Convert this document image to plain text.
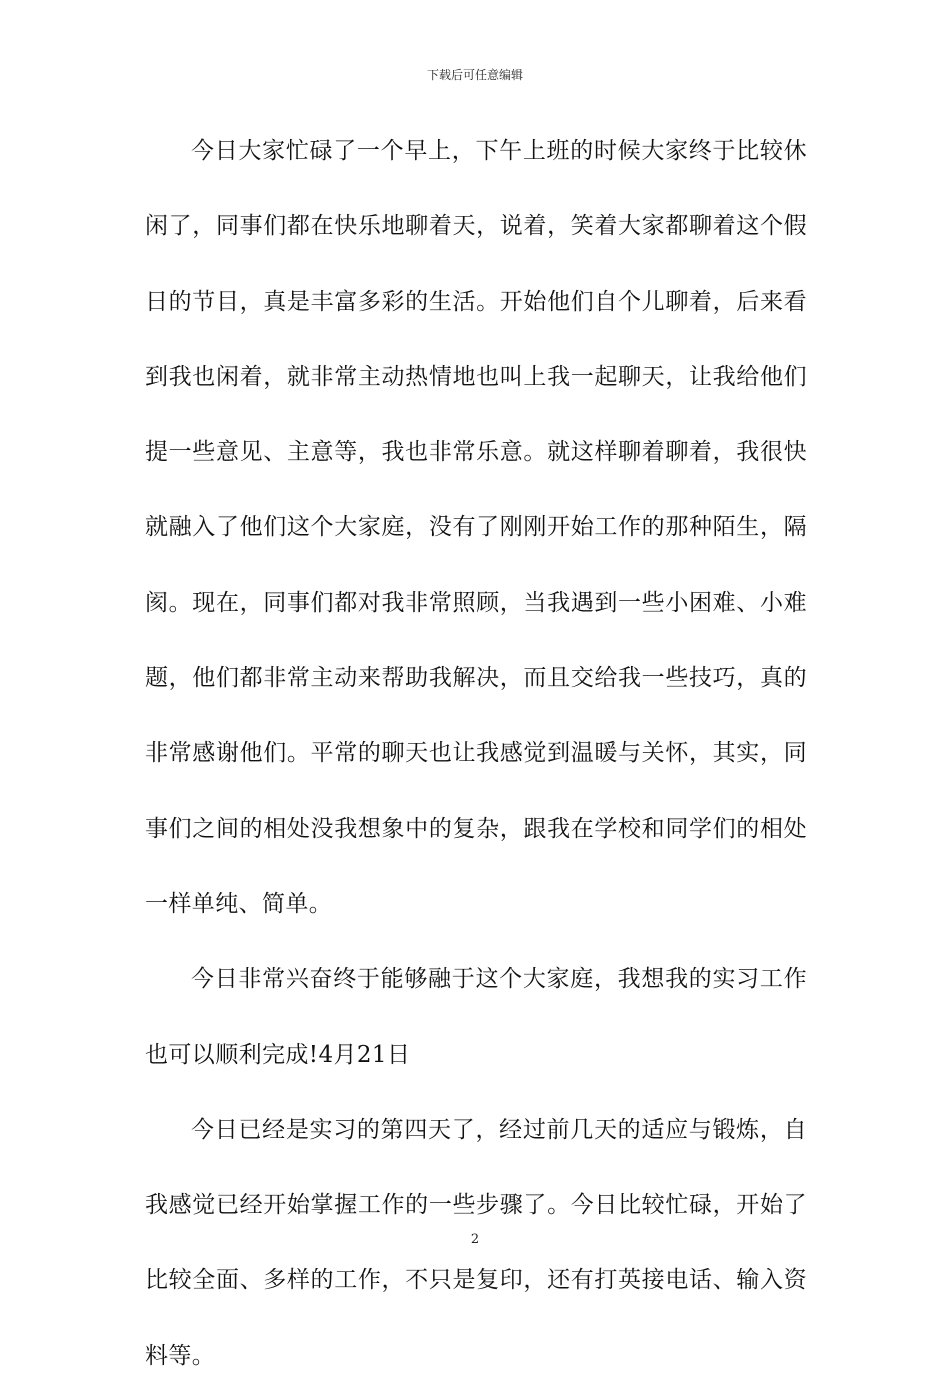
下载后可任意编辑

今日大家忙碌了一个早上，下午上班的时候大家终于比较休闲了，同事们都在快乐地聊着天，说着，笑着大家都聊着这个假日的节目，真是丰富多彩的生活。开始他们自个儿聊着，后来看到我也闲着，就非常主动热情地也叫上我一起聊天，让我给他们提一些意见、主意等，我也非常乐意。就这样聊着聊着，我很快就融入了他们这个大家庭，没有了刚刚开始工作的那种陌生，隔阂。现在，同事们都对我非常照顾，当我遇到一些小困难、小难题，他们都非常主动来帮助我解决，而且交给我一些技巧，真的非常感谢他们。平常的聊天也让我感觉到温暖与关怀，其实，同事们之间的相处没我想象中的复杂，跟我在学校和同学们的相处一样单纯、简单。

今日非常兴奋终于能够融于这个大家庭，我想我的实习工作也可以顺利完成!4月21日

今日已经是实习的第四天了，经过前几天的适应与锻炼，自我感觉已经开始掌握工作的一些步骤了。今日比较忙碌，开始了比较全面、多样的工作，不只是复印，还有打英接电话、输入资料等。

2
